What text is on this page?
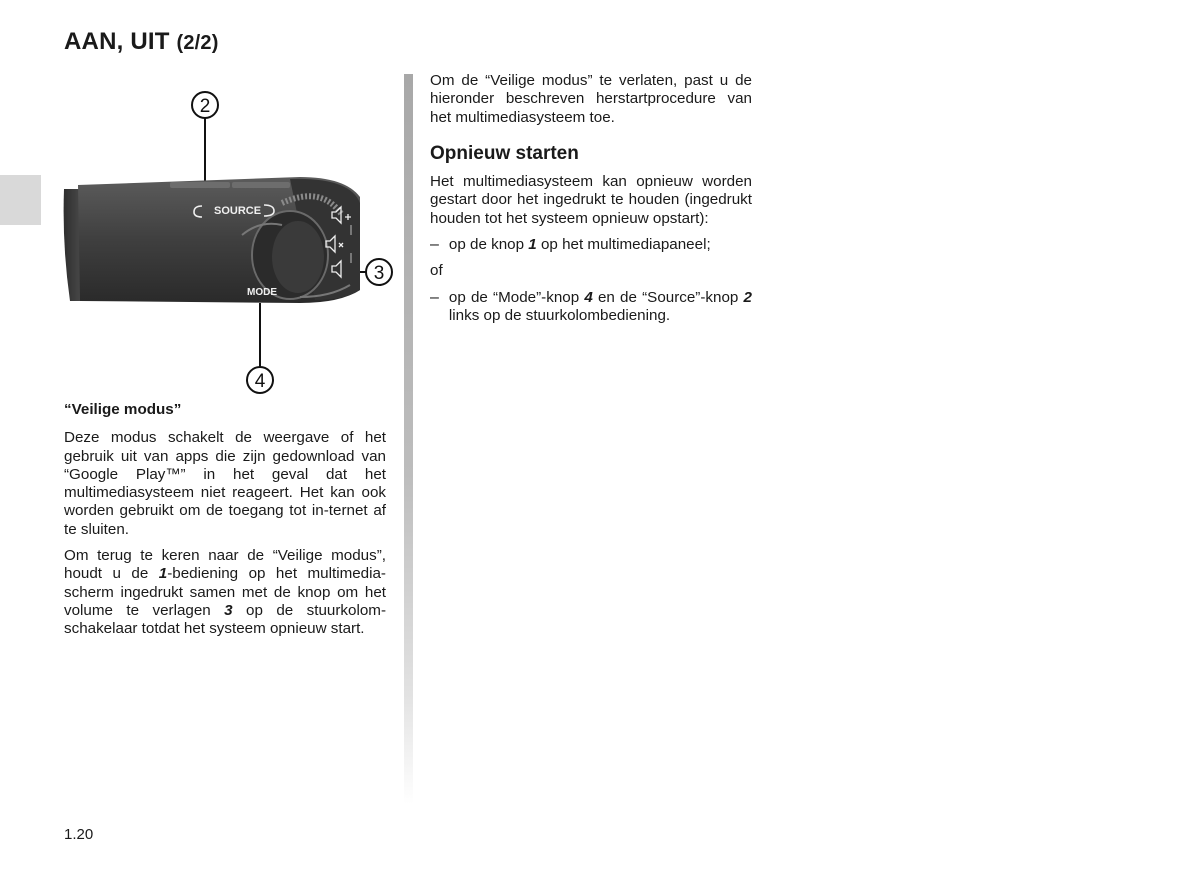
AAN, UIT (2/2)
SOURCE
MODE
2
3
4

“Veilige modus”

Deze modus schakelt de weergave of het gebruik uit van apps die zijn gedownload van “Google Play™” in het geval dat het multimediasysteem niet reageert. Het kan ook worden gebruikt om de toegang tot in-ternet af te sluiten.

Om terug te keren naar de “Veilige modus”, houdt u de 1-bediening op het multimedia-scherm ingedrukt samen met de knop om het volume te verlagen 3 op de stuurkolom-schakelaar totdat het systeem opnieuw start.

Om de “Veilige modus” te verlaten, past u de hieronder beschreven herstartprocedure van het multimediasysteem toe.

Opnieuw starten

Het multimediasysteem kan opnieuw worden gestart door het ingedrukt te houden (ingedrukt houden tot het systeem opnieuw opstart):

– op de knop 1 op het multimediapaneel;

of

– op de “Mode”-knop 4 en de “Source”-knop 2 links op de stuurkolombediening.

1.20
